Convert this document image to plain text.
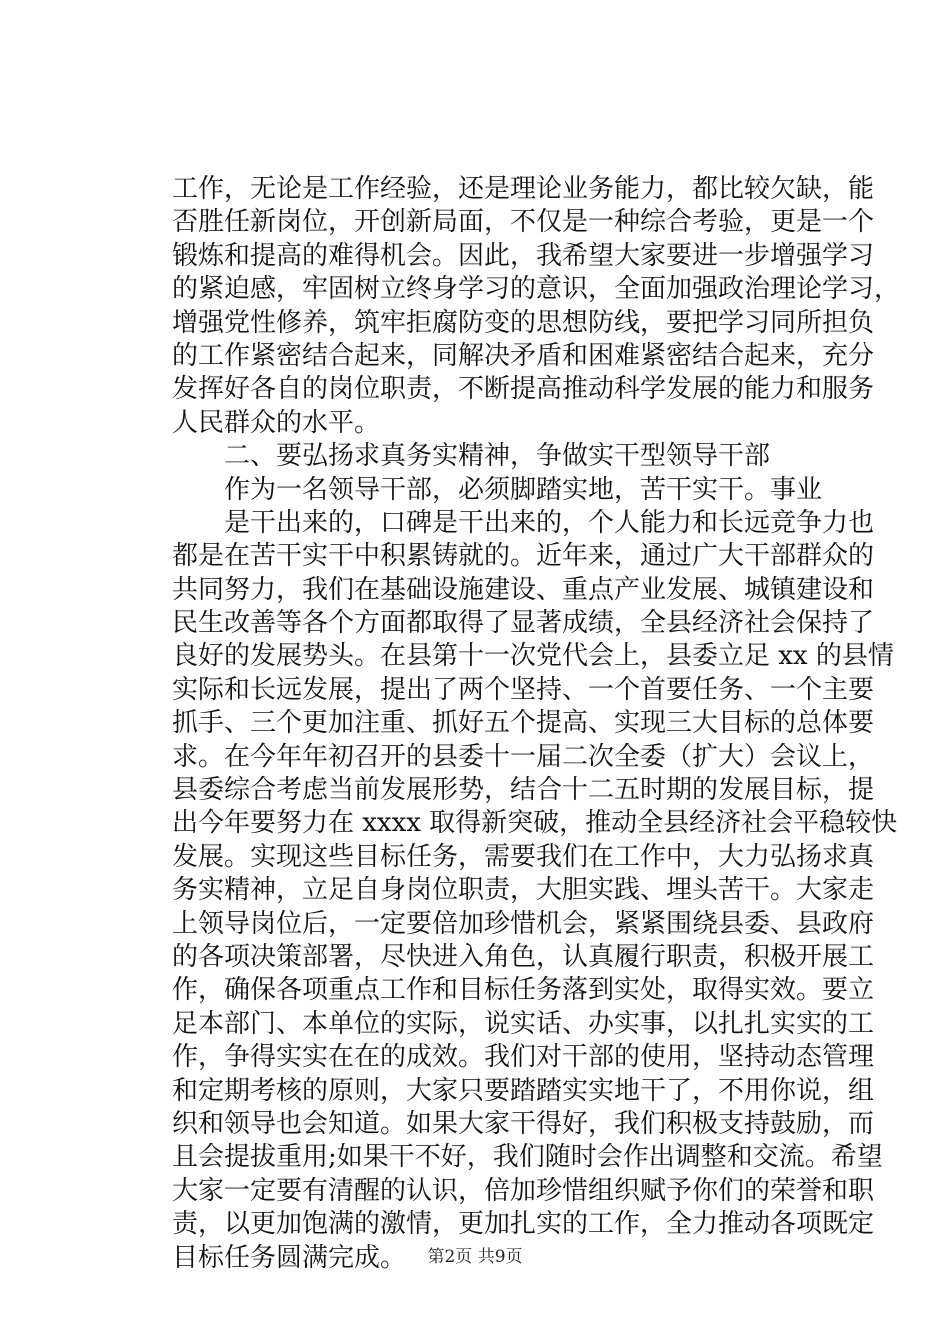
工作，无论是工作经验，还是理论业务能力，都比较欠缺，能
否胜任新岗位，开创新局面，不仅是一种综合考验，更是一个
锻炼和提高的难得机会。因此，我希望大家要进一步增强学习
的紧迫感，牢固树立终身学习的意识，全面加强政治理论学习，
增强党性修养，筑牢拒腐防变的思想防线，要把学习同所担负
的工作紧密结合起来，同解决矛盾和困难紧密结合起来，充分
发挥好各自的岗位职责，不断提高推动科学发展的能力和服务
人民群众的水平。
二、要弘扬求真务实精神，争做实干型领导干部
作为一名领导干部，必须脚踏实地，苦干实干。事业
是干出来的，口碑是干出来的，个人能力和长远竞争力也
都是在苦干实干中积累铸就的。近年来，通过广大干部群众的
共同努力，我们在基础设施建设、重点产业发展、城镇建设和
民生改善等各个方面都取得了显著成绩，全县经济社会保持了
良好的发展势头。在县第十一次党代会上，县委立足 xx 的县情
实际和长远发展，提出了两个坚持、一个首要任务、一个主要
抓手、三个更加注重、抓好五个提高、实现三大目标的总体要
求。在今年年初召开的县委十一届二次全委（扩大）会议上，
县委综合考虑当前发展形势，结合十二五时期的发展目标，提
出今年要努力在 xxxx 取得新突破，推动全县经济社会平稳较快
发展。实现这些目标任务，需要我们在工作中，大力弘扬求真
务实精神，立足自身岗位职责，大胆实践、埋头苦干。大家走
上领导岗位后，一定要倍加珍惜机会，紧紧围绕县委、县政府
的各项决策部署，尽快进入角色，认真履行职责，积极开展工
作，确保各项重点工作和目标任务落到实处，取得实效。要立
足本部门、本单位的实际，说实话、办实事，以扎扎实实的工
作，争得实实在在的成效。我们对干部的使用，坚持动态管理
和定期考核的原则，大家只要踏踏实实地干了，不用你说，组
织和领导也会知道。如果大家干得好，我们积极支持鼓励，而
且会提拔重用;如果干不好，我们随时会作出调整和交流。希望
大家一定要有清醒的认识，倍加珍惜组织赋予你们的荣誉和职
责，以更加饱满的激情，更加扎实的工作，全力推动各项既定
目标任务圆满完成。	第2页 共9页
